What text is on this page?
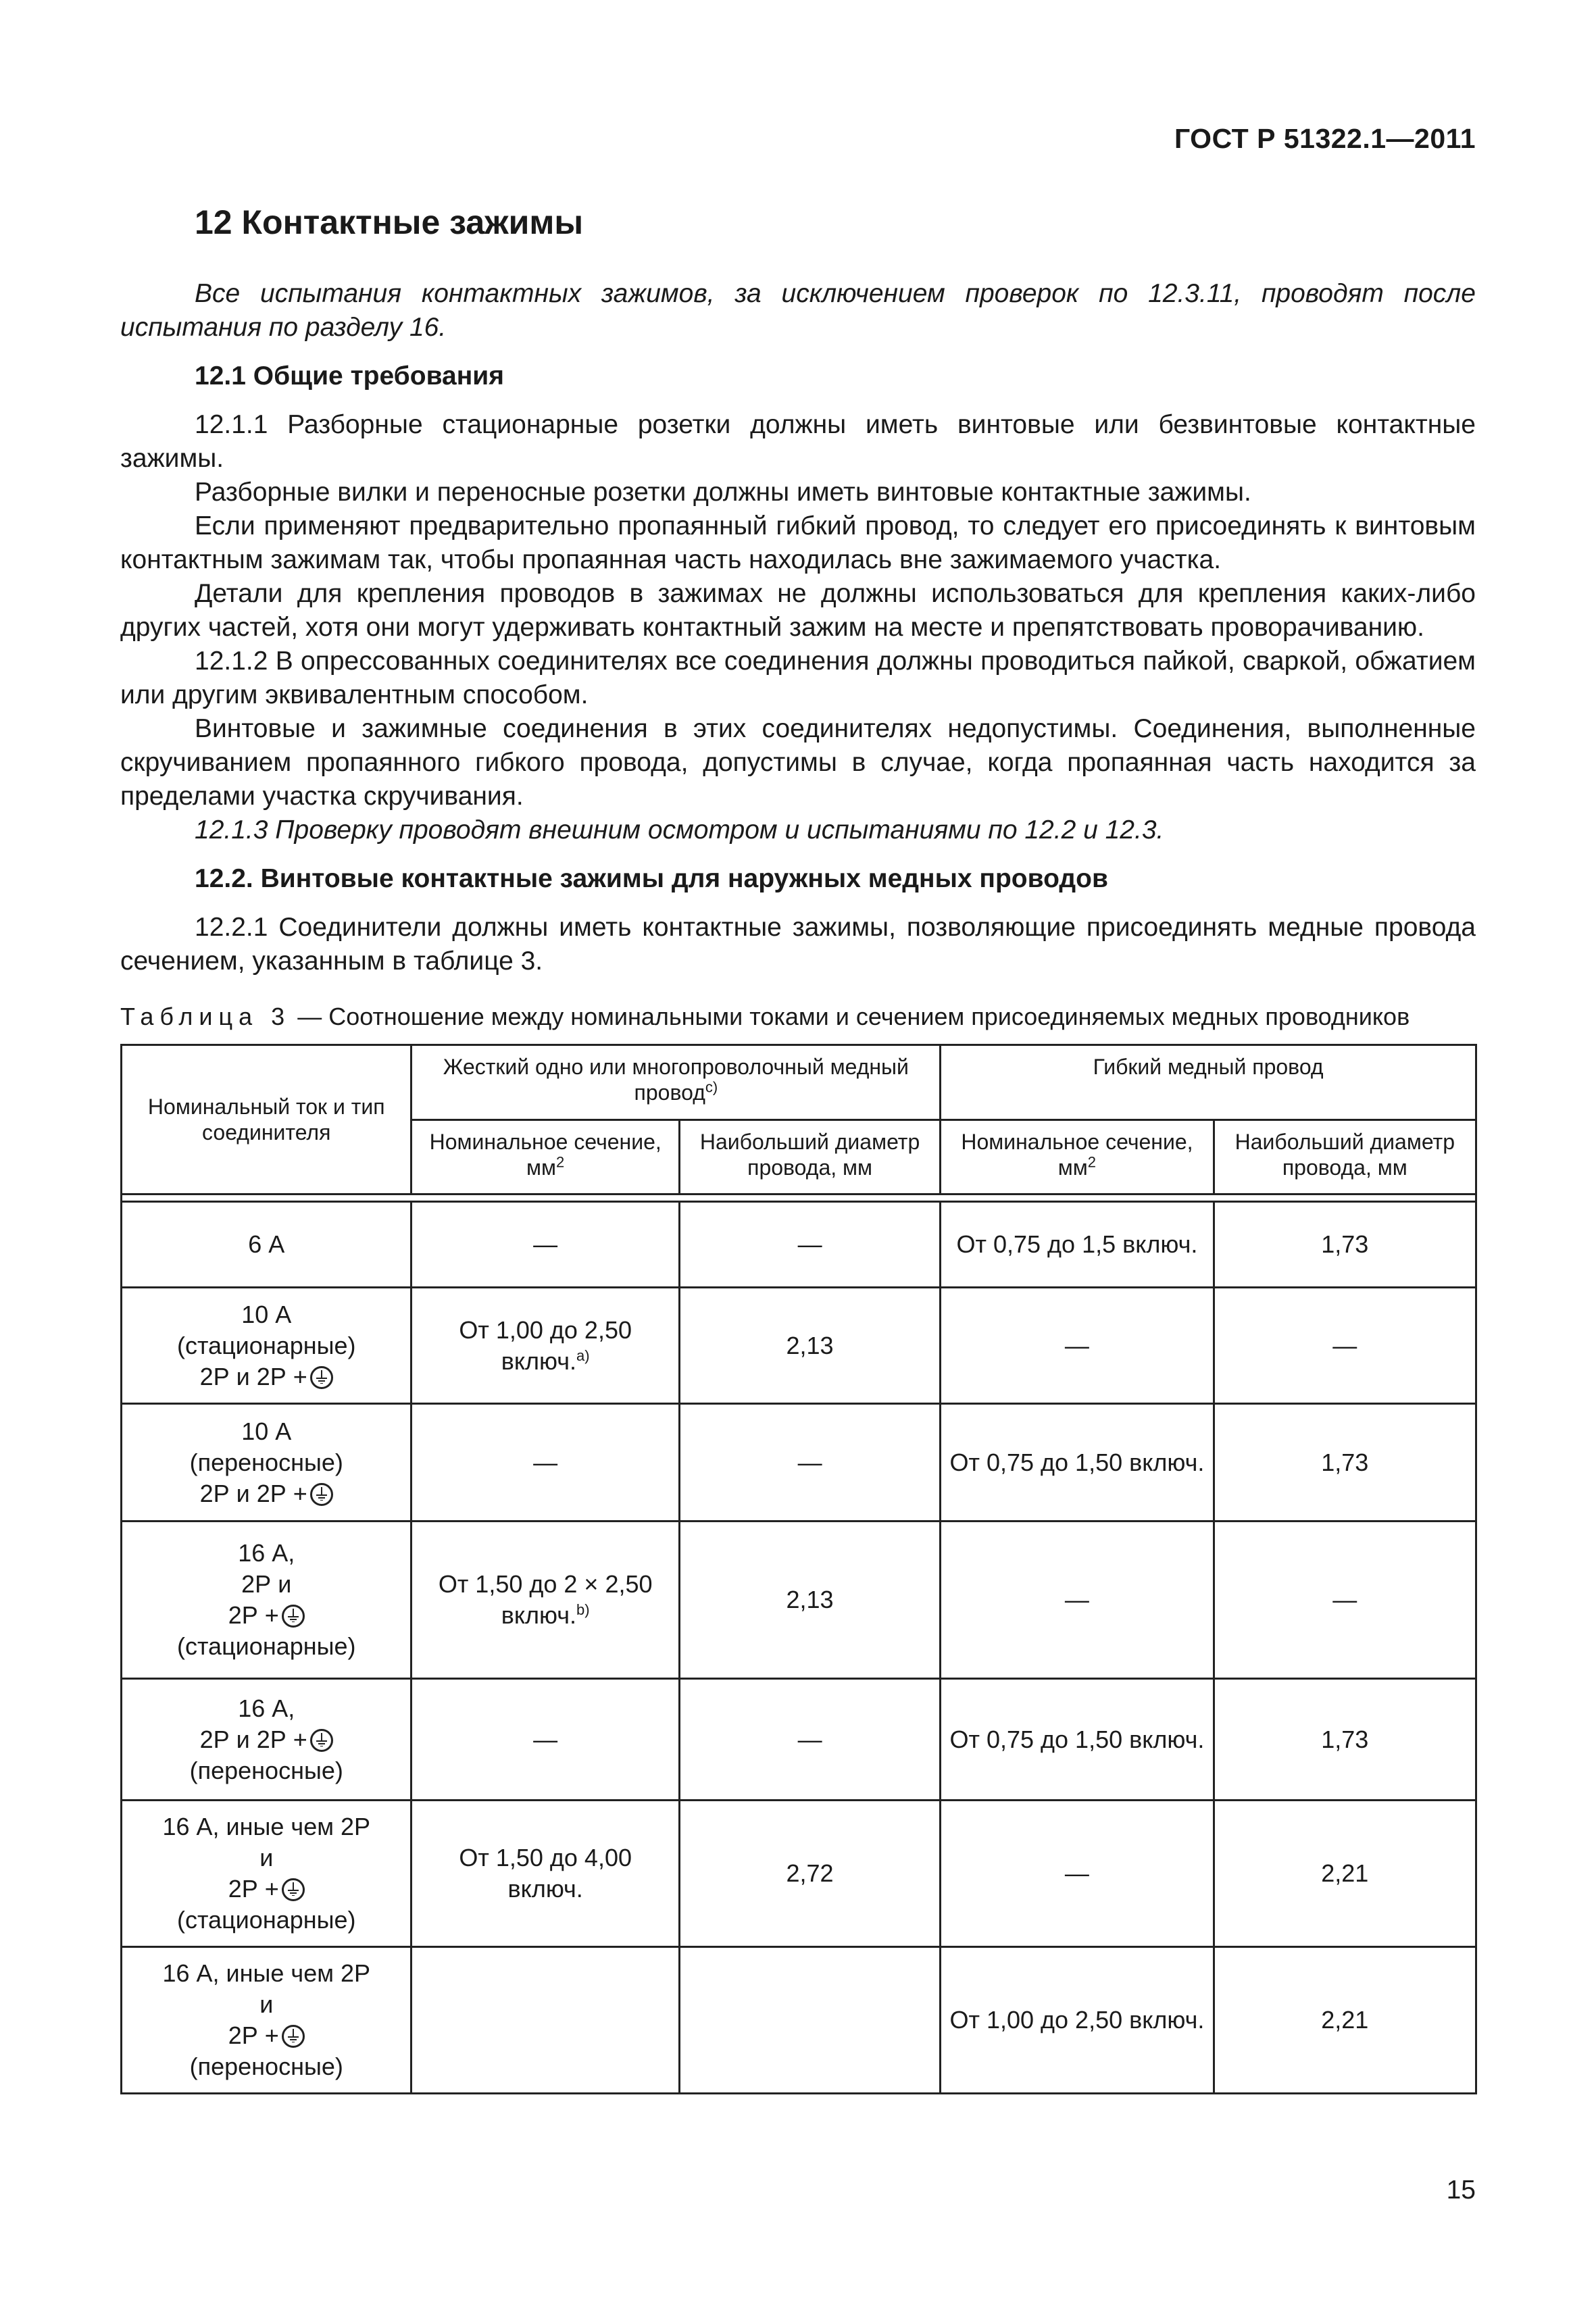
ГОСТ Р 51322.1—2011
12 Контактные зажимы

Все испытания контактных зажимов, за исключением проверок по 12.3.11, проводят после испытания по разделу 16.

12.1 Общие требования

12.1.1 Разборные стационарные розетки должны иметь винтовые или безвинтовые контактные зажимы.

Разборные вилки и переносные розетки должны иметь винтовые контактные зажимы.

Если применяют предварительно пропаянный гибкий провод, то следует его присоединять к винтовым контактным зажимам так, чтобы пропаянная часть находилась вне зажимаемого участка.

Детали для крепления проводов в зажимах не должны использоваться для крепления каких-либо других частей, хотя они могут удерживать контактный зажим на месте и препятствовать проворачиванию.

12.1.2 В опрессованных соединителях все соединения должны проводиться пайкой, сваркой, обжатием или другим эквивалентным способом.

Винтовые и зажимные соединения в этих соединителях недопустимы. Соединения, выполненные скручиванием пропаянного гибкого провода, допустимы в случае, когда пропаянная часть находится за пределами участка скручивания.

12.1.3 Проверку проводят внешним осмотром и испытаниями по 12.2 и 12.3.

12.2. Винтовые контактные зажимы для наружных медных проводов

12.2.1 Соединители должны иметь контактные зажимы, позволяющие присоединять медные провода сечением, указанным в таблице 3.

Таблица 3 — Соотношение между номинальными токами и сечением присоединяемых медных проводников
Номинальный ток и тип соединителя	Жесткий одно или многопроволочный медный провод$^{c)}$		Гибкий медный провод	
	Номинальное сечение, $мм^2$	Наибольший диаметр провода, мм	Номинальное сечение, $мм^2$	Наибольший диаметр провода, мм

6 А	—	—	От 0,75 до 1,5 включ.	1,73

10 А
(стационарные)
2Р и 2Р +	От 1,00 до 2,50 включ.$^{a)}$	2,13	—	—

10 А
(переносные)
2Р и 2Р +	—	—	От 0,75 до 1,50 включ.	1,73

16 А,
2Р и
2Р +
(стационарные)	От 1,50 до 2 × 2,50 включ.$^{b)}$	2,13	—	—

16 А,
2Р и 2Р +
(переносные)	—	—	От 0,75 до 1,50 включ.	1,73

16 А, иные чем 2Р
и
2Р +
(стационарные)	От 1,50 до 4,00 включ.	2,72	—	2,21

16 А, иные чем 2Р
и
2Р +
(переносные)			От 1,00 до 2,50 включ.	2,21
15
